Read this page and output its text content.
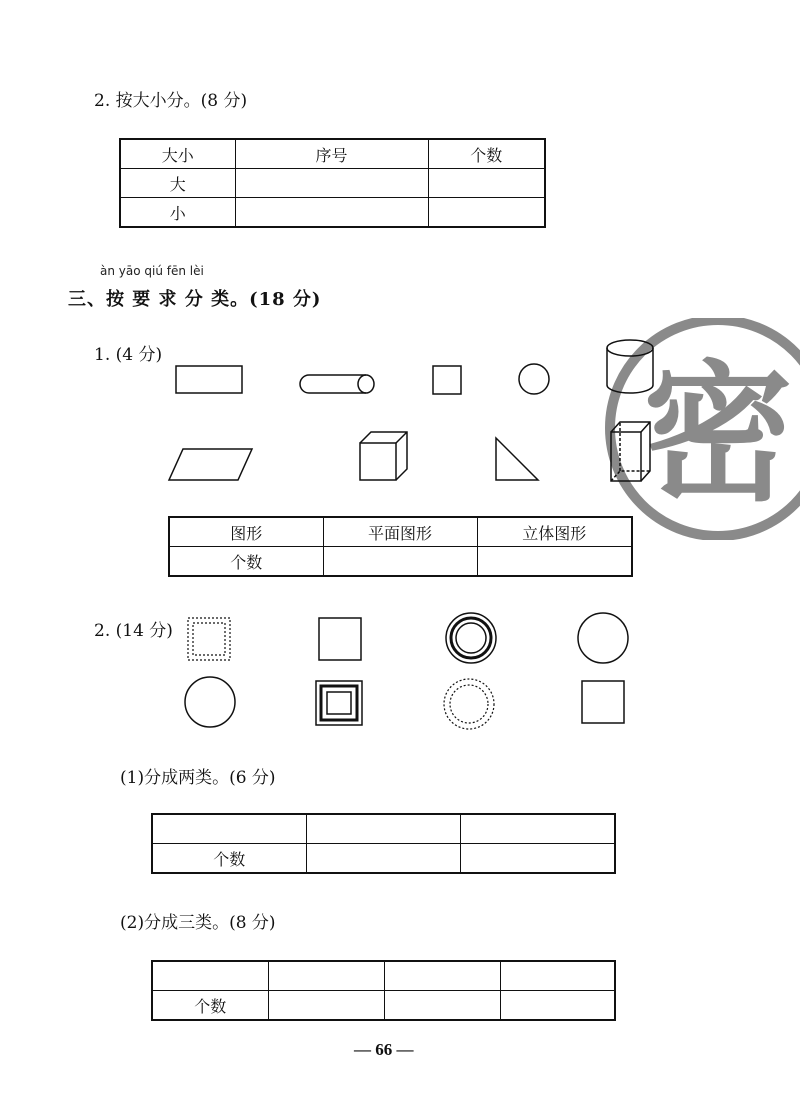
2. 按大小分。(8 分)
大小	序号	个数
大		
小		
àn yāo qiú fēn lèi
三、按 要 求 分 类。(18 分)
1. (4 分)	密
图形	平面图形	立体图形
个数		
2. (14 分)
(1)分成两类。(6 分)

个数		
(2)分成三类。(8 分)

个数			
— 66 —
